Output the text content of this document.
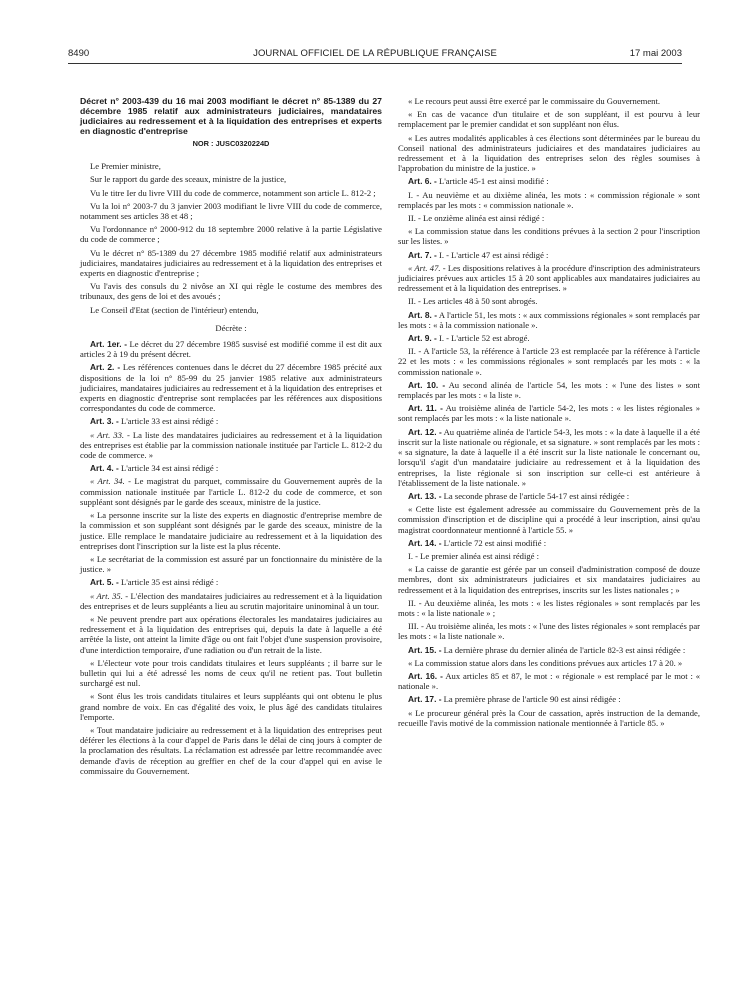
8490	JOURNAL OFFICIEL DE LA RÉPUBLIQUE FRANÇAISE	17 mai 2003

Décret n° 2003-439 du 16 mai 2003 modifiant le décret n° 85-1389 du 27 décembre 1985 relatif aux administrateurs judiciaires, mandataires judiciaires au redressement et à la liquidation des entreprises et experts en diagnostic d'entreprise

NOR : JUSC0320224D

Le Premier ministre,

Sur le rapport du garde des sceaux, ministre de la justice,

Vu le titre Ier du livre VIII du code de commerce, notamment son article L. 812-2 ;

Vu la loi n° 2003-7 du 3 janvier 2003 modifiant le livre VIII du code de commerce, notamment ses articles 38 et 48 ;

Vu l'ordonnance n° 2000-912 du 18 septembre 2000 relative à la partie Législative du code de commerce ;

Vu le décret n° 85-1389 du 27 décembre 1985 modifié relatif aux administrateurs judiciaires, mandataires judiciaires au redressement et à la liquidation des entreprises et experts en diagnostic d'entreprise ;

Vu l'avis des consuls du 2 nivôse an XI qui règle le costume des membres des tribunaux, des gens de loi et des avoués ;

Le Conseil d'Etat (section de l'intérieur) entendu,

Décrète :

Art. 1er. - Le décret du 27 décembre 1985 susvisé est modifié comme il est dit aux articles 2 à 19 du présent décret.

Art. 2. - Les références contenues dans le décret du 27 décembre 1985 précité aux dispositions de la loi n° 85-99 du 25 janvier 1985 relative aux administrateurs judiciaires, mandataires judiciaires au redressement et à la liquidation des entreprises et experts en diagnostic d'entreprise sont remplacées par les références aux dispositions correspondantes du code de commerce.

Art. 3. - L'article 33 est ainsi rédigé :

« Art. 33. - La liste des mandataires judiciaires au redressement et à la liquidation des entreprises est établie par la commission nationale instituée par l'article L. 812-2 du code de commerce. »

Art. 4. - L'article 34 est ainsi rédigé :

« Art. 34. - Le magistrat du parquet, commissaire du Gouvernement auprès de la commission nationale instituée par l'article L. 812-2 du code de commerce, et son suppléant sont désignés par le garde des sceaux, ministre de la justice.

« La personne inscrite sur la liste des experts en diagnostic d'entreprise membre de la commission et son suppléant sont désignés par le garde des sceaux, ministre de la justice. Elle remplace le mandataire judiciaire au redressement et à la liquidation des entreprises dont l'inscription sur la liste est la plus récente.

« Le secrétariat de la commission est assuré par un fonctionnaire du ministère de la justice. »

Art. 5. - L'article 35 est ainsi rédigé :

« Art. 35. - L'élection des mandataires judiciaires au redressement et à la liquidation des entreprises et de leurs suppléants a lieu au scrutin majoritaire uninominal à un tour.

« Ne peuvent prendre part aux opérations électorales les mandataires judiciaires au redressement et à la liquidation des entreprises qui, depuis la date à laquelle a été arrêtée la liste, ont atteint la limite d'âge ou ont fait l'objet d'une suspension provisoire, d'une interdiction temporaire, d'une radiation ou d'un retrait de la liste.

« L'électeur vote pour trois candidats titulaires et leurs suppléants ; il barre sur le bulletin qui lui a été adressé les noms de ceux qu'il ne retient pas. Tout bulletin surchargé est nul.

« Sont élus les trois candidats titulaires et leurs suppléants qui ont obtenu le plus grand nombre de voix. En cas d'égalité des voix, le plus âgé des candidats titulaires l'emporte.

« Tout mandataire judiciaire au redressement et à la liquidation des entreprises peut déférer les élections à la cour d'appel de Paris dans le délai de cinq jours à compter de la proclamation des résultats. La réclamation est adressée par lettre recommandée avec demande d'avis de réception au greffier en chef de la cour d'appel qui en avise le commissaire du Gouvernement.

« Le recours peut aussi être exercé par le commissaire du Gouvernement.

« En cas de vacance d'un titulaire et de son suppléant, il est pourvu à leur remplacement par le premier candidat et son suppléant non élus.

« Les autres modalités applicables à ces élections sont déterminées par le bureau du Conseil national des administrateurs judiciaires et des mandataires judiciaires au redressement et à la liquidation des entreprises selon des règles soumises à l'approbation du ministre de la justice. »

Art. 6. - L'article 45-1 est ainsi modifié :

I. - Au neuvième et au dixième alinéa, les mots : « commission régionale » sont remplacés par les mots : « commission nationale ».

II. - Le onzième alinéa est ainsi rédigé :

« La commission statue dans les conditions prévues à la section 2 pour l'inscription sur les listes. »

Art. 7. - I. - L'article 47 est ainsi rédigé :

« Art. 47. - Les dispositions relatives à la procédure d'inscription des administrateurs judiciaires prévues aux articles 15 à 20 sont applicables aux mandataires judiciaires au redressement et à la liquidation des entreprises. »

II. - Les articles 48 à 50 sont abrogés.

Art. 8. - A l'article 51, les mots : « aux commissions régionales » sont remplacés par les mots : « à la commission nationale ».

Art. 9. - I. - L'article 52 est abrogé.

II. - A l'article 53, la référence à l'article 23 est remplacée par la référence à l'article 22 et les mots : « les commissions régionales » sont remplacés par les mots : « la commission nationale ».

Art. 10. - Au second alinéa de l'article 54, les mots : « l'une des listes » sont remplacés par les mots : « la liste ».

Art. 11. - Au troisième alinéa de l'article 54-2, les mots : « les listes régionales » sont remplacés par les mots : « la liste nationale ».

Art. 12. - Au quatrième alinéa de l'article 54-3, les mots : « la date à laquelle il a été inscrit sur la liste nationale ou régionale, et sa signature. » sont remplacés par les mots : « sa signature, la date à laquelle il a été inscrit sur la liste nationale le concernant ou, lorsqu'il s'agit d'un mandataire judiciaire au redressement et à la liquidation des entreprises, la liste régionale si son inscription sur celle-ci est antérieure à l'établissement de la liste nationale. »

Art. 13. - La seconde phrase de l'article 54-17 est ainsi rédigée :

« Cette liste est également adressée au commissaire du Gouvernement près de la commission d'inscription et de discipline qui a procédé à leur inscription, ainsi qu'au magistrat coordonnateur mentionné à l'article 55. »

Art. 14. - L'article 72 est ainsi modifié :

I. - Le premier alinéa est ainsi rédigé :

« La caisse de garantie est gérée par un conseil d'administration composé de douze membres, dont six administrateurs judiciaires et six mandataires judiciaires au redressement et à la liquidation des entreprises, inscrits sur les listes nationales ; »

II. - Au deuxième alinéa, les mots : « les listes régionales » sont remplacés par les mots : « la liste nationale » ;

III. - Au troisième alinéa, les mots : « l'une des listes régionales » sont remplacés par les mots : « la liste nationale ».

Art. 15. - La dernière phrase du dernier alinéa de l'article 82-3 est ainsi rédigée :

« La commission statue alors dans les conditions prévues aux articles 17 à 20. »

Art. 16. - Aux articles 85 et 87, le mot : « régionale » est remplacé par le mot : « nationale ».

Art. 17. - La première phrase de l'article 90 est ainsi rédigée :

« Le procureur général près la Cour de cassation, après instruction de la demande, recueille l'avis motivé de la commission nationale mentionnée à l'article 85. »
